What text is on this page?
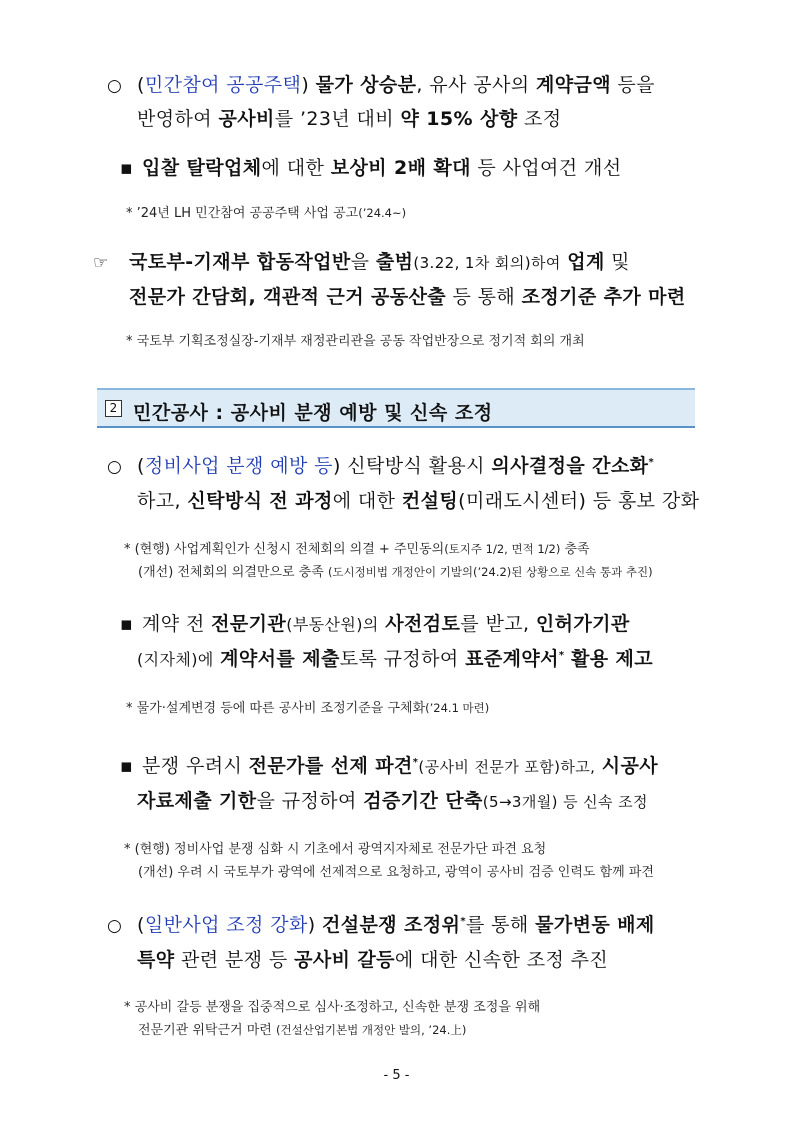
○ (민간참여 공공주택) 물가 상승분, 유사 공사의 계약금액 등을
반영하여 공사비를 ’23년 대비 약 15% 상향 조정
▪ 입찰 탈락업체에 대한 보상비 2배 확대 등 사업여건 개선
* ’24년 LH 민간참여 공공주택 사업 공고(’24.4~)
☞ 국토부-기재부 합동작업반을 출범(3.22, 1차 회의)하여 업계 및
전문가 간담회, 객관적 근거 공동산출 등 통해 조정기준 추가 마련
* 국토부 기획조정실장-기재부 재정관리관을 공동 작업반장으로 정기적 회의 개최
2 민간공사 : 공사비 분쟁 예방 및 신속 조정
○ (정비사업 분쟁 예방 등) 신탁방식 활용시 의사결정을 간소화*
하고, 신탁방식 전 과정에 대한 컨설팅(미래도시센터) 등 홍보 강화
* (현행) 사업계획인가 신청시 전체회의 의결 + 주민동의(토지주 1/2, 면적 1/2) 충족
(개선) 전체회의 의결만으로 충족 (도시정비법 개정안이 기발의(’24.2)된 상황으로 신속 통과 추진)
▪ 계약 전 전문기관(부동산원)의 사전검토를 받고, 인허가기관
(지자체)에 계약서를 제출토록 규정하여 표준계약서* 활용 제고
* 물가·설계변경 등에 따른 공사비 조정기준을 구체화(’24.1 마련)
▪ 분쟁 우려시 전문가를 선제 파견*(공사비 전문가 포함)하고, 시공사
자료제출 기한을 규정하여 검증기간 단축(5→3개월) 등 신속 조정
* (현행) 정비사업 분쟁 심화 시 기초에서 광역지자체로 전문가단 파견 요청
(개선) 우려 시 국토부가 광역에 선제적으로 요청하고, 광역이 공사비 검증 인력도 함께 파견
○ (일반사업 조정 강화) 건설분쟁 조정위*를 통해 물가변동 배제
특약 관련 분쟁 등 공사비 갈등에 대한 신속한 조정 추진
* 공사비 갈등 분쟁을 집중적으로 심사·조정하고, 신속한 분쟁 조정을 위해
전문기관 위탁근거 마련 (건설산업기본법 개정안 발의, ’24.上)
- 5 -
